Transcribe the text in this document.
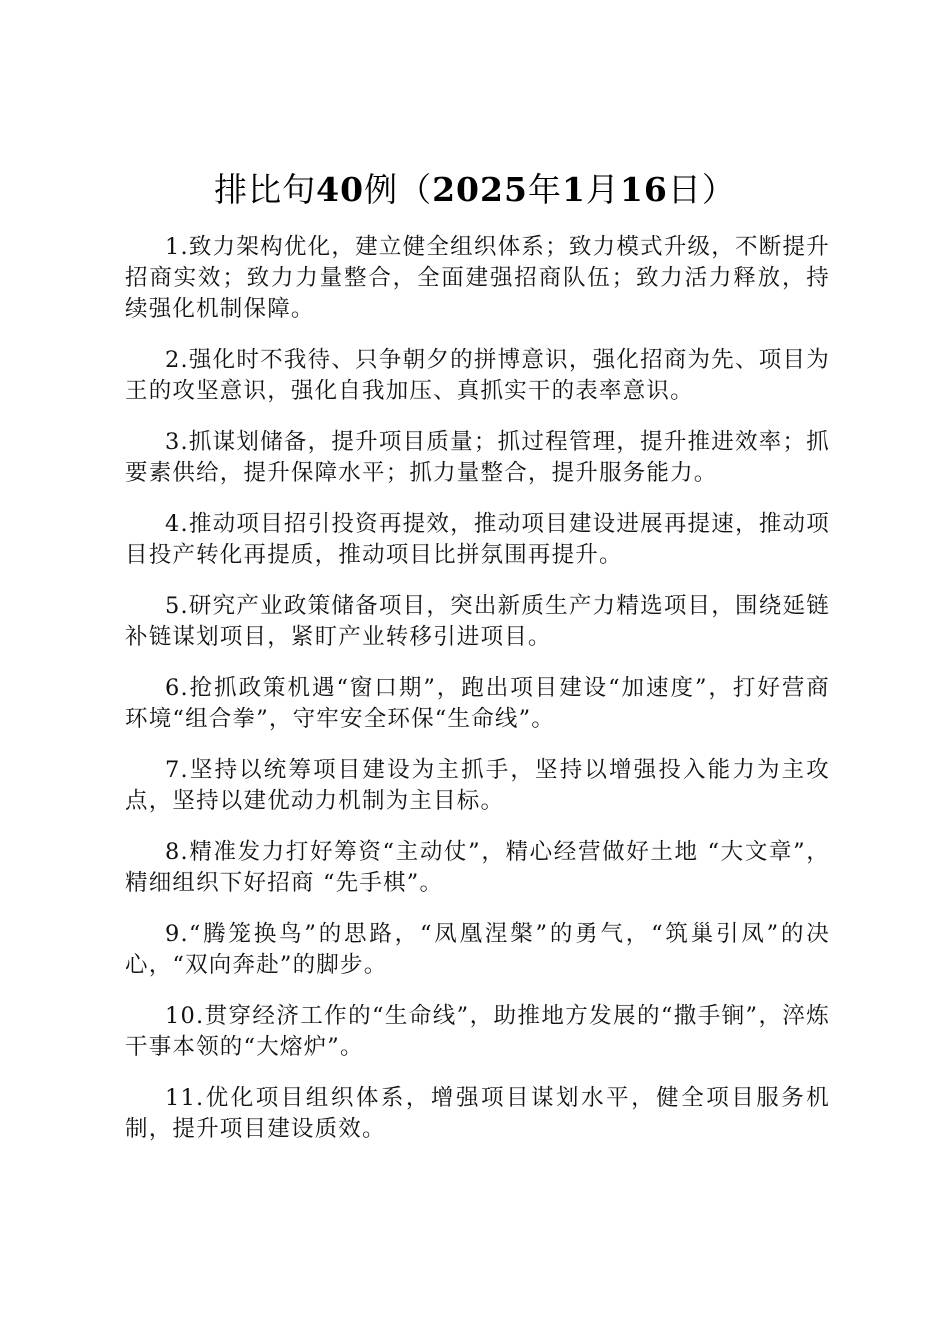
排比句40例（2025年1月16日）

1.致力架构优化，建立健全组织体系；致力模式升级，不断提升招商实效；致力力量整合，全面建强招商队伍；致力活力释放，持续强化机制保障。

2.强化时不我待、只争朝夕的拼博意识，强化招商为先、项目为王的攻坚意识，强化自我加压、真抓实干的表率意识。

3.抓谋划储备，提升项目质量；抓过程管理，提升推进效率；抓要素供给，提升保障水平；抓力量整合，提升服务能力。

4.推动项目招引投资再提效，推动项目建设进展再提速，推动项目投产转化再提质，推动项目比拼氛围再提升。

5.研究产业政策储备项目，突出新质生产力精选项目，围绕延链补链谋划项目，紧盯产业转移引进项目。

6.抢抓政策机遇“窗口期”，跑出项目建设“加速度”，打好营商环境“组合拳”，守牢安全环保“生命线”。

7.坚持以统筹项目建设为主抓手，坚持以增强投入能力为主攻点，坚持以建优动力机制为主目标。

8.精准发力打好筹资“主动仗”，精心经营做好土地 “大文章”，精细组织下好招商 “先手棋”。

9.“腾笼换鸟”的思路，“凤凰涅槃”的勇气，“筑巢引凤”的决心，“双向奔赴”的脚步。

10.贯穿经济工作的“生命线”，助推地方发展的“撒手锏”，淬炼干事本领的“大熔炉”。

11.优化项目组织体系，增强项目谋划水平，健全项目服务机制，提升项目建设质效。
